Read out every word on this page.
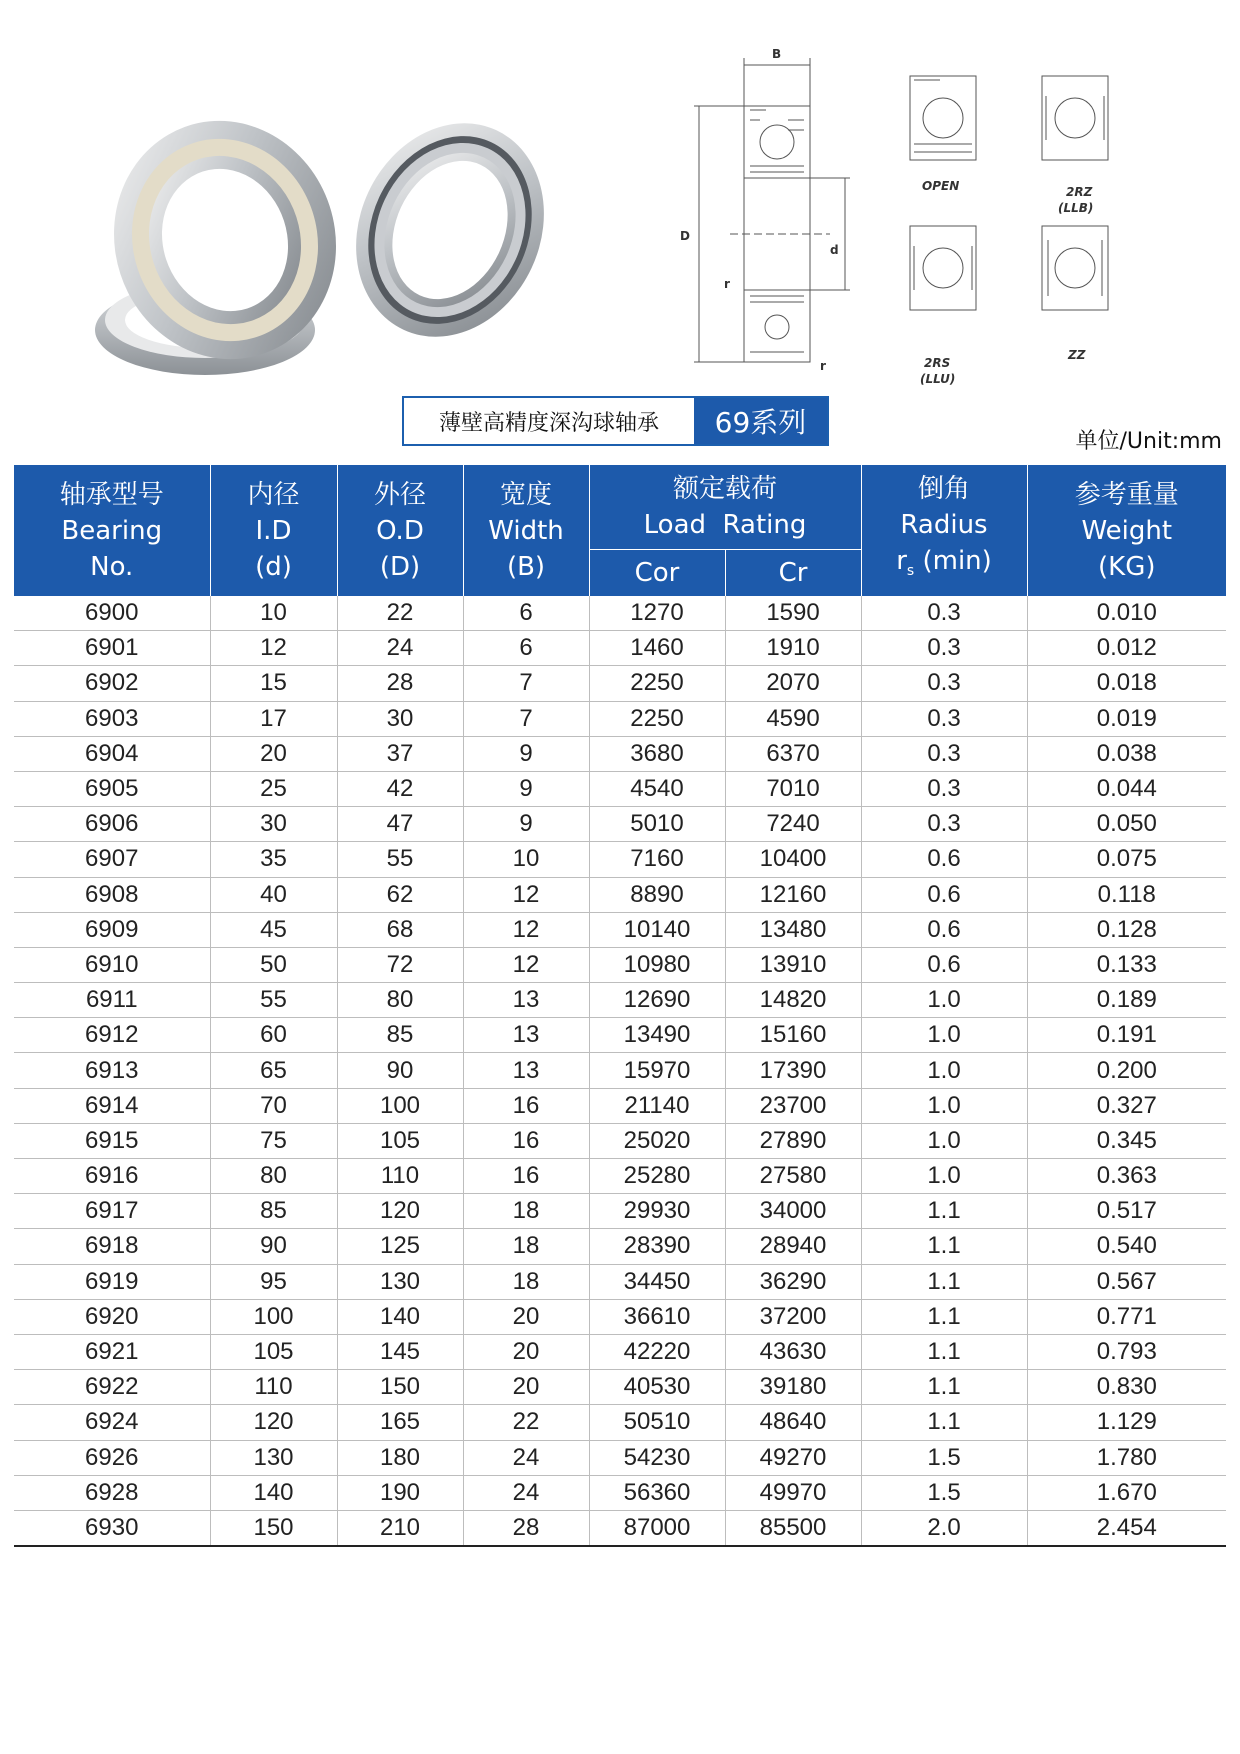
B
D
d
r
r
OPEN	2RZ
(LLB)
2RS
(LLU)
ZZ
薄壁高精度深沟球轴承	69系列
单位/Unit:mm
轴承型号
Bearing
No.	内径
I.D
(d)	外径
O.D
(D)	宽度
Width
(B)	额定载荷
Load  Rating		倒角
Radius
$r_s$ (min)	参考重量
Weight
(KG)

				Cor	Cr		
6900	10	22	6	1270	1590	0.3	0.010
6901	12	24	6	1460	1910	0.3	0.012
6902	15	28	7	2250	2070	0.3	0.018
6903	17	30	7	2250	4590	0.3	0.019
6904	20	37	9	3680	6370	0.3	0.038
6905	25	42	9	4540	7010	0.3	0.044
6906	30	47	9	5010	7240	0.3	0.050
6907	35	55	10	7160	10400	0.6	0.075
6908	40	62	12	8890	12160	0.6	0.118
6909	45	68	12	10140	13480	0.6	0.128
6910	50	72	12	10980	13910	0.6	0.133
6911	55	80	13	12690	14820	1.0	0.189
6912	60	85	13	13490	15160	1.0	0.191
6913	65	90	13	15970	17390	1.0	0.200
6914	70	100	16	21140	23700	1.0	0.327
6915	75	105	16	25020	27890	1.0	0.345
6916	80	110	16	25280	27580	1.0	0.363
6917	85	120	18	29930	34000	1.1	0.517
6918	90	125	18	28390	28940	1.1	0.540
6919	95	130	18	34450	36290	1.1	0.567
6920	100	140	20	36610	37200	1.1	0.771
6921	105	145	20	42220	43630	1.1	0.793
6922	110	150	20	40530	39180	1.1	0.830
6924	120	165	22	50510	48640	1.1	1.129
6926	130	180	24	54230	49270	1.5	1.780
6928	140	190	24	56360	49970	1.5	1.670
6930	150	210	28	87000	85500	2.0	2.454
